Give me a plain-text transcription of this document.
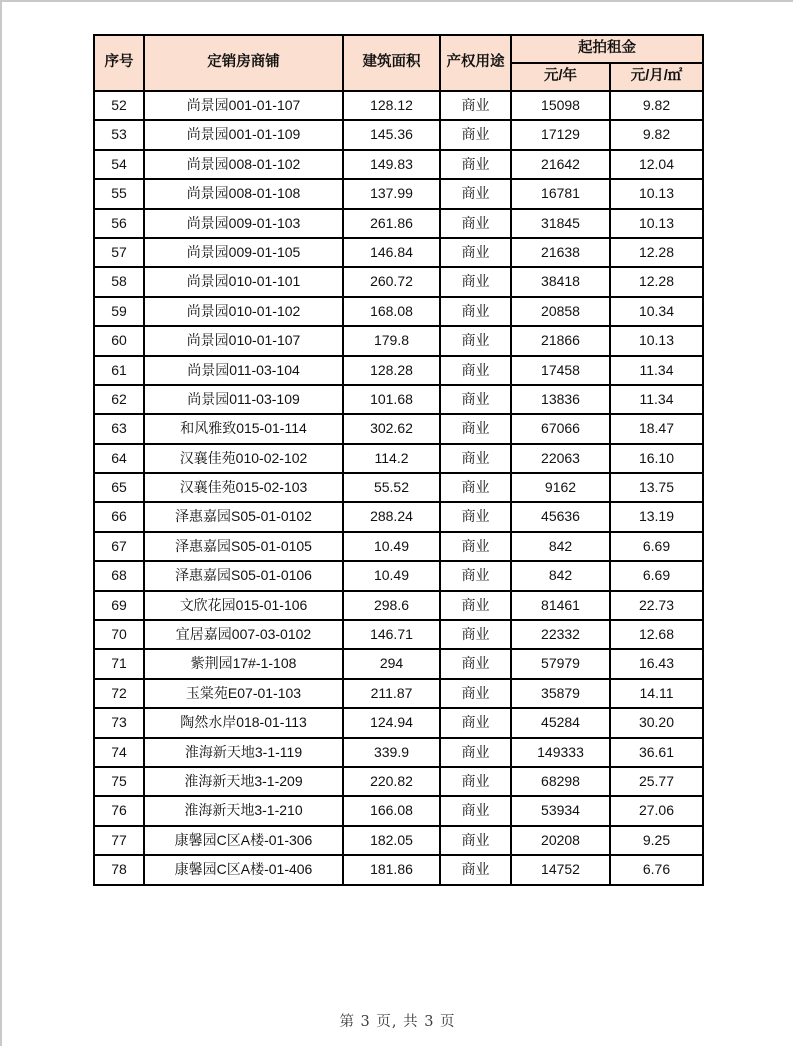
序号	定销房商铺	建筑面积	产权用途	起拍租金	
				元/年	元/月/㎡
52	尚景园001-01-107	128.12	商业	15098	9.82
53	尚景园001-01-109	145.36	商业	17129	9.82
54	尚景园008-01-102	149.83	商业	21642	12.04
55	尚景园008-01-108	137.99	商业	16781	10.13
56	尚景园009-01-103	261.86	商业	31845	10.13
57	尚景园009-01-105	146.84	商业	21638	12.28
58	尚景园010-01-101	260.72	商业	38418	12.28
59	尚景园010-01-102	168.08	商业	20858	10.34
60	尚景园010-01-107	179.8	商业	21866	10.13
61	尚景园011-03-104	128.28	商业	17458	11.34
62	尚景园011-03-109	101.68	商业	13836	11.34
63	和风雅致015-01-114	302.62	商业	67066	18.47
64	汉襄佳苑010-02-102	114.2	商业	22063	16.10
65	汉襄佳苑015-02-103	55.52	商业	9162	13.75
66	泽惠嘉园S05-01-0102	288.24	商业	45636	13.19
67	泽惠嘉园S05-01-0105	10.49	商业	842	6.69
68	泽惠嘉园S05-01-0106	10.49	商业	842	6.69
69	文欣花园015-01-106	298.6	商业	81461	22.73
70	宜居嘉园007-03-0102	146.71	商业	22332	12.68
71	紫荆园17#-1-108	294	商业	57979	16.43
72	玉棠苑E07-01-103	211.87	商业	35879	14.11
73	陶然水岸018-01-113	124.94	商业	45284	30.20
74	淮海新天地3-1-119	339.9	商业	149333	36.61
75	淮海新天地3-1-209	220.82	商业	68298	25.77
76	淮海新天地3-1-210	166.08	商业	53934	27.06
77	康馨园C区A楼-01-306	182.05	商业	20208	9.25
78	康馨园C区A楼-01-406	181.86	商业	14752	6.76
第 3 页, 共 3 页
